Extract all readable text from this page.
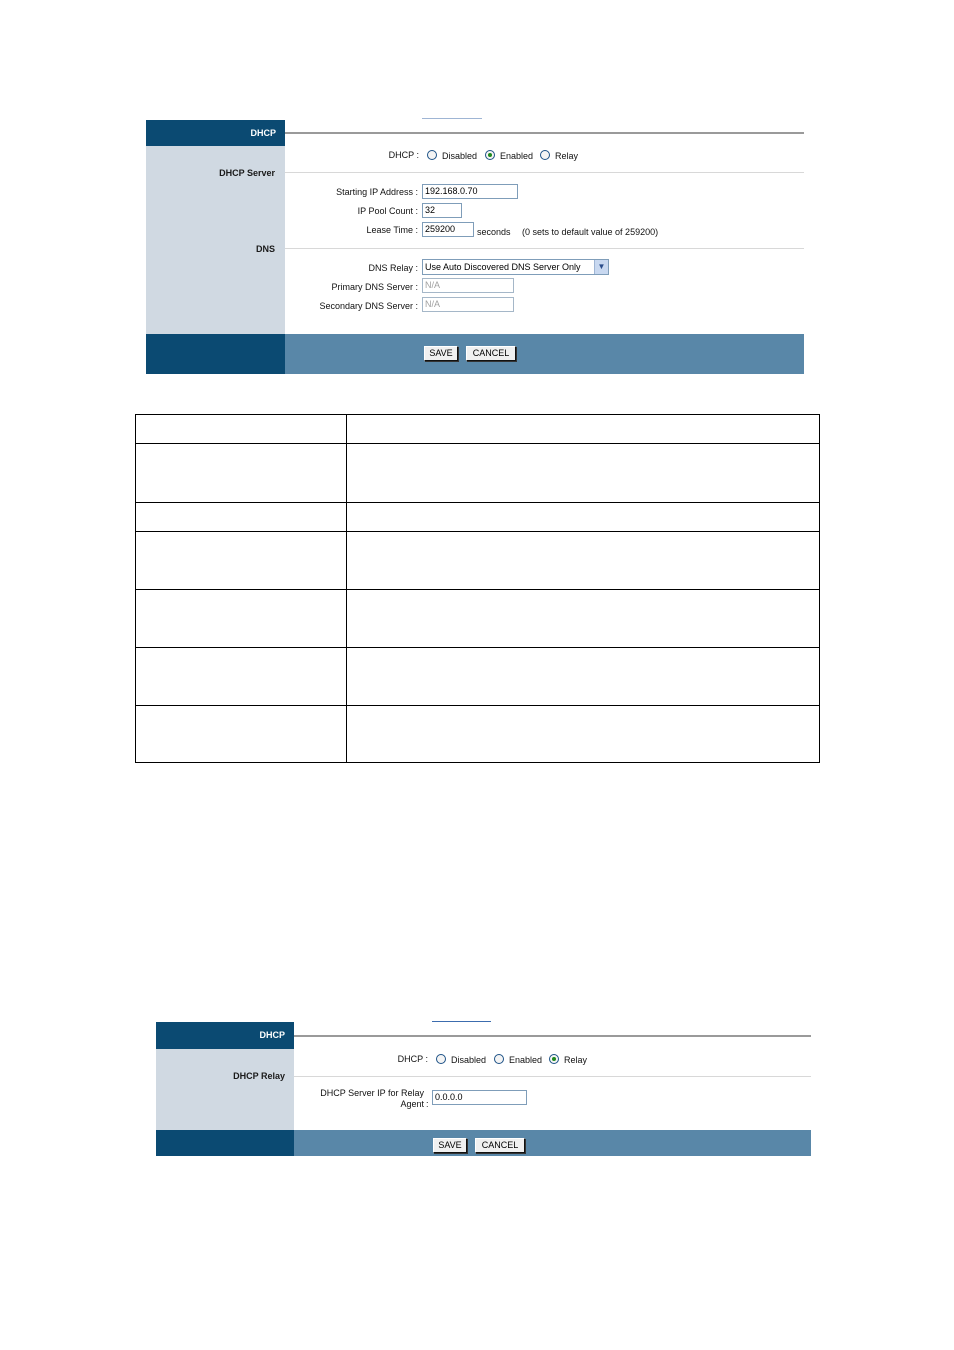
DHCP
DHCP Server
DNS
DHCP :	Disabled	Enabled Relay
Starting IP Address : 192.168.0.70
IP Pool Count : 32
Lease Time : 259200	seconds (0 sets to default value of 259200)
DNS Relay : Use Auto Discovered DNS Server Only	▼
Primary DNS Server : N/A
Secondary DNS Server : N/A
SAVE	CANCEL

DHCP
DHCP Relay
DHCP :	Disabled	Enabled Relay
DHCP Server IP for Relay
Agent :
0.0.0.0
SAVE	CANCEL
